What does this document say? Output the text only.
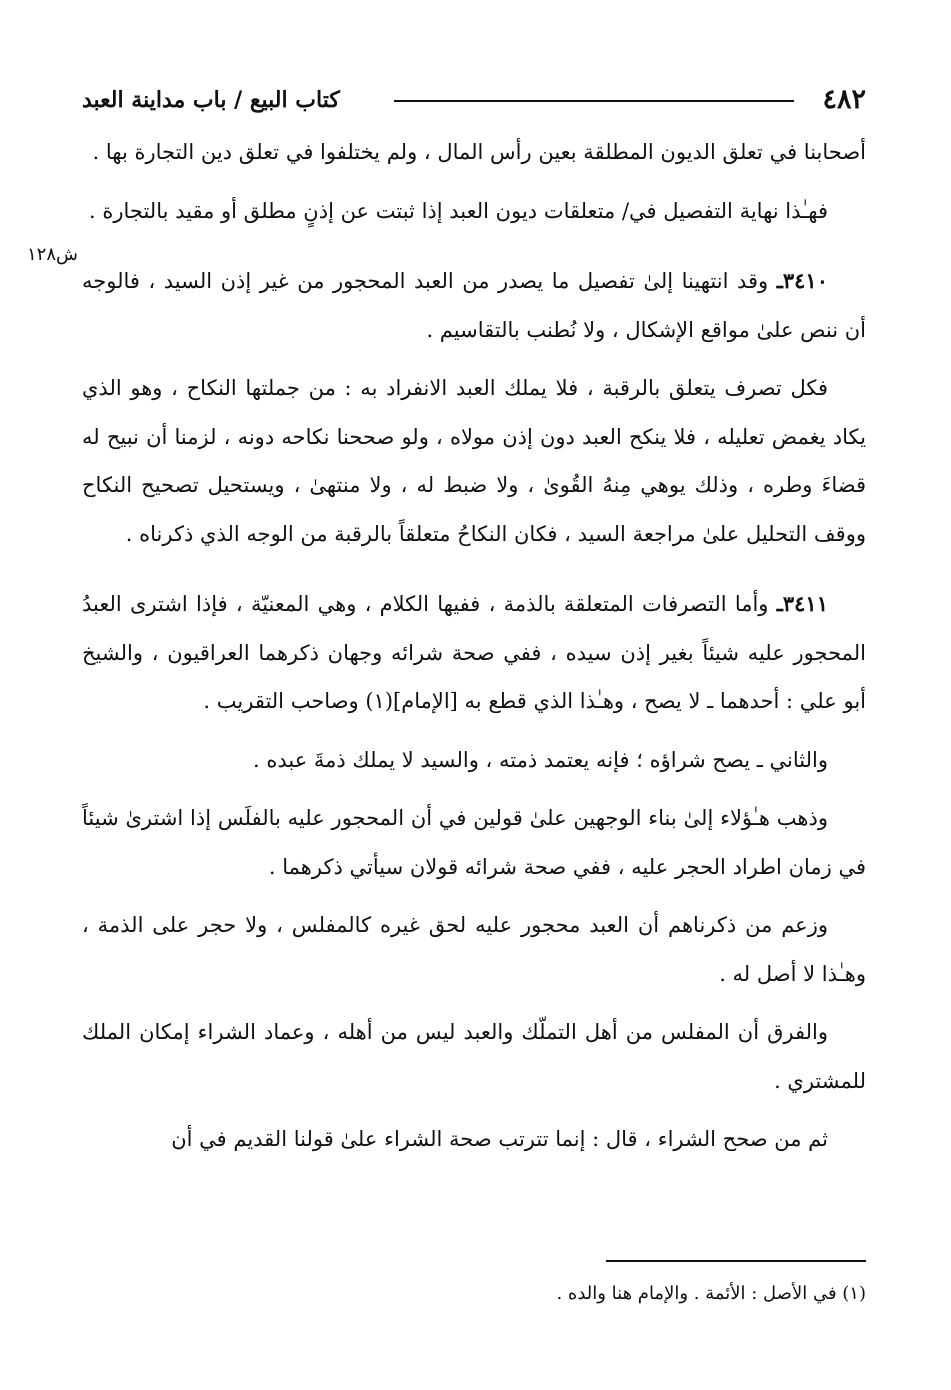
٤٨٢
كتاب البيع / باب مداينة العبد
ش١٢٨

أصحابنا في تعلق الديون المطلقة بعين رأس المال ، ولم يختلفوا في تعلق دين التجارة بها .

فهـٰذا نهاية التفصيل في/ متعلقات ديون العبد إذا ثبتت عن إذنٍ مطلق أو مقيد بالتجارة .

٣٤١٠ـ وقد انتهينا إلىٰ تفصيل ما يصدر من العبد المحجور من غير إذن السيد ، فالوجه أن ننص علىٰ مواقع الإشكال ، ولا نُطنب بالتقاسيم .

فكل تصرف يتعلق بالرقبة ، فلا يملك العبد الانفراد به : من جملتها النكاح ، وهو الذي يكاد يغمض تعليله ، فلا ينكح العبد دون إذن مولاه ، ولو صححنا نكاحه دونه ، لزمنا أن نبيح له قضاءَ وطره ، وذلك يوهي مِنهُ القُوىٰ ، ولا ضبط له ، ولا منتهىٰ ، ويستحيل تصحيح النكاح ووقف التحليل علىٰ مراجعة السيد ، فكان النكاحُ متعلقاً بالرقبة من الوجه الذي ذكرناه .

٣٤١١ـ وأما التصرفات المتعلقة بالذمة ، ففيها الكلام ، وهي المعنيّة ، فإذا اشترى العبدُ المحجور عليه شيئاً بغير إذن سيده ، ففي صحة شرائه وجهان ذكرهما العراقيون ، والشيخ أبو علي : أحدهما ـ لا يصح ، وهـٰذا الذي قطع به [الإمام](١) وصاحب التقريب .

والثاني ـ يصح شراؤه ؛ فإنه يعتمد ذمته ، والسيد لا يملك ذمةَ عبده .

وذهب هـٰؤلاء إلىٰ بناء الوجهين علىٰ قولين في أن المحجور عليه بالفلَس إذا اشترىٰ شيئاً في زمان اطراد الحجر عليه ، ففي صحة شرائه قولان سيأتي ذكرهما .

وزعم من ذكرناهم أن العبد محجور عليه لحق غيره كالمفلس ، ولا حجر على الذمة ، وهـٰذا لا أصل له .

والفرق أن المفلس من أهل التملّك والعبد ليس من أهله ، وعماد الشراء إمكان الملك للمشتري .

ثم من صحح الشراء ، قال : إنما تترتب صحة الشراء علىٰ قولنا القديم في أن

(١) في الأصل : الأئمة . والإمام هنا والده .
